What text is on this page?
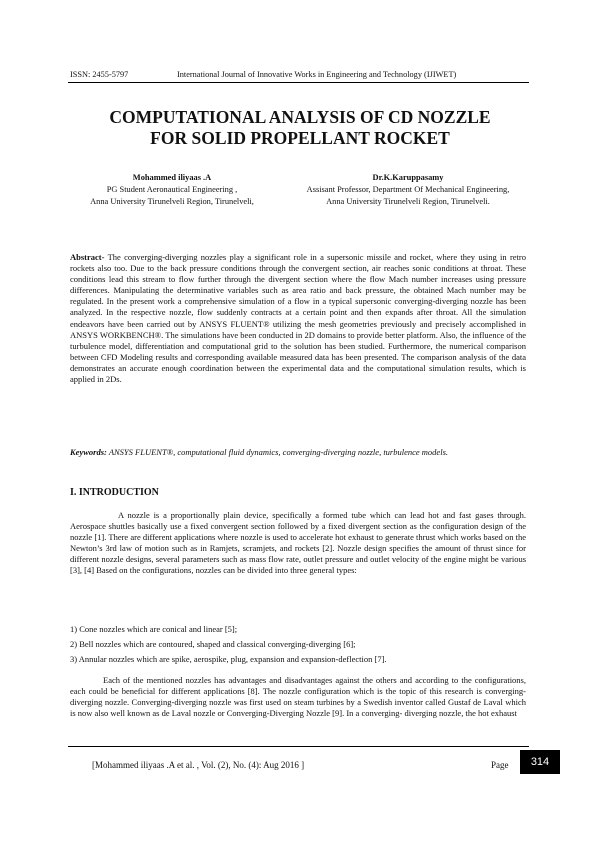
ISSN: 2455-5797	International Journal of Innovative Works in Engineering and Technology (IJIWET)
COMPUTATIONAL ANALYSIS OF CD NOZZLE
FOR SOLID PROPELLANT ROCKET
Mohammed iliyaas .A
PG Student Aeronautical Engineering ,
Anna University Tirunelveli Region, Tirunelveli,
Dr.K.Karuppasamy
Assisant Professor, Department Of Mechanical Engineering,
Anna University Tirunelveli Region, Tirunelveli.
Abstract- The converging-diverging nozzles play a significant role in a supersonic missile and rocket, where they using in retro rockets also too. Due to the back pressure conditions through the convergent section, air reaches sonic conditions at throat. These conditions lead this stream to flow further through the divergent section where the flow Mach number increases using pressure differences. Manipulating the determinative variables such as area ratio and back pressure, the obtained Mach number may be regulated. In the present work a comprehensive simulation of a flow in a typical supersonic converging-diverging nozzle has been analyzed. In the respective nozzle, flow suddenly contracts at a certain point and then expands after throat. All the simulation endeavors have been carried out by ANSYS FLUENT® utilizing the mesh geometries previously and precisely accomplished in ANSYS WORKBENCH®. The simulations have been conducted in 2D domains to provide better platform. Also, the influence of the turbulence model, differentiation and computational grid to the solution has been studied. Furthermore, the numerical comparison between CFD Modeling results and corresponding available measured data has been presented. The comparison analysis of the data demonstrates an accurate enough coordination between the experimental data and the computational simulation results, which is applied in 2Ds.
Keywords: ANSYS FLUENT®, computational fluid dynamics, converging-diverging nozzle, turbulence models.
I. INTRODUCTION
A nozzle is a proportionally plain device, specifically a formed tube which can lead hot and fast gases through. Aerospace shuttles basically use a fixed convergent section followed by a fixed divergent section as the configuration design of the nozzle [1]. There are different applications where nozzle is used to accelerate hot exhaust to generate thrust which works based on the Newton’s 3rd law of motion such as in Ramjets, scramjets, and rockets [2]. Nozzle design specifies the amount of thrust since for different nozzle designs, several parameters such as mass flow rate, outlet pressure and outlet velocity of the engine might be various [3], [4] Based on the configurations, nozzles can be divided into three general types:
1) Cone nozzles which are conical and linear [5];
2) Bell nozzles which are contoured, shaped and classical converging-diverging [6];
3) Annular nozzles which are spike, aerospike, plug, expansion and expansion-deflection [7].
Each of the mentioned nozzles has advantages and disadvantages against the others and according to the configurations, each could be beneficial for different applications [8]. The nozzle configuration which is the topic of this research is converging-diverging nozzle. Converging-diverging nozzle was first used on steam turbines by a Swedish inventor called Gustaf de Laval which is now also well known as de Laval nozzle or Converging-Diverging Nozzle [9]. In a converging- diverging nozzle, the hot exhaust
[Mohammed iliyaas .A et al. , Vol. (2), No. (4): Aug 2016 ]	Page 314
